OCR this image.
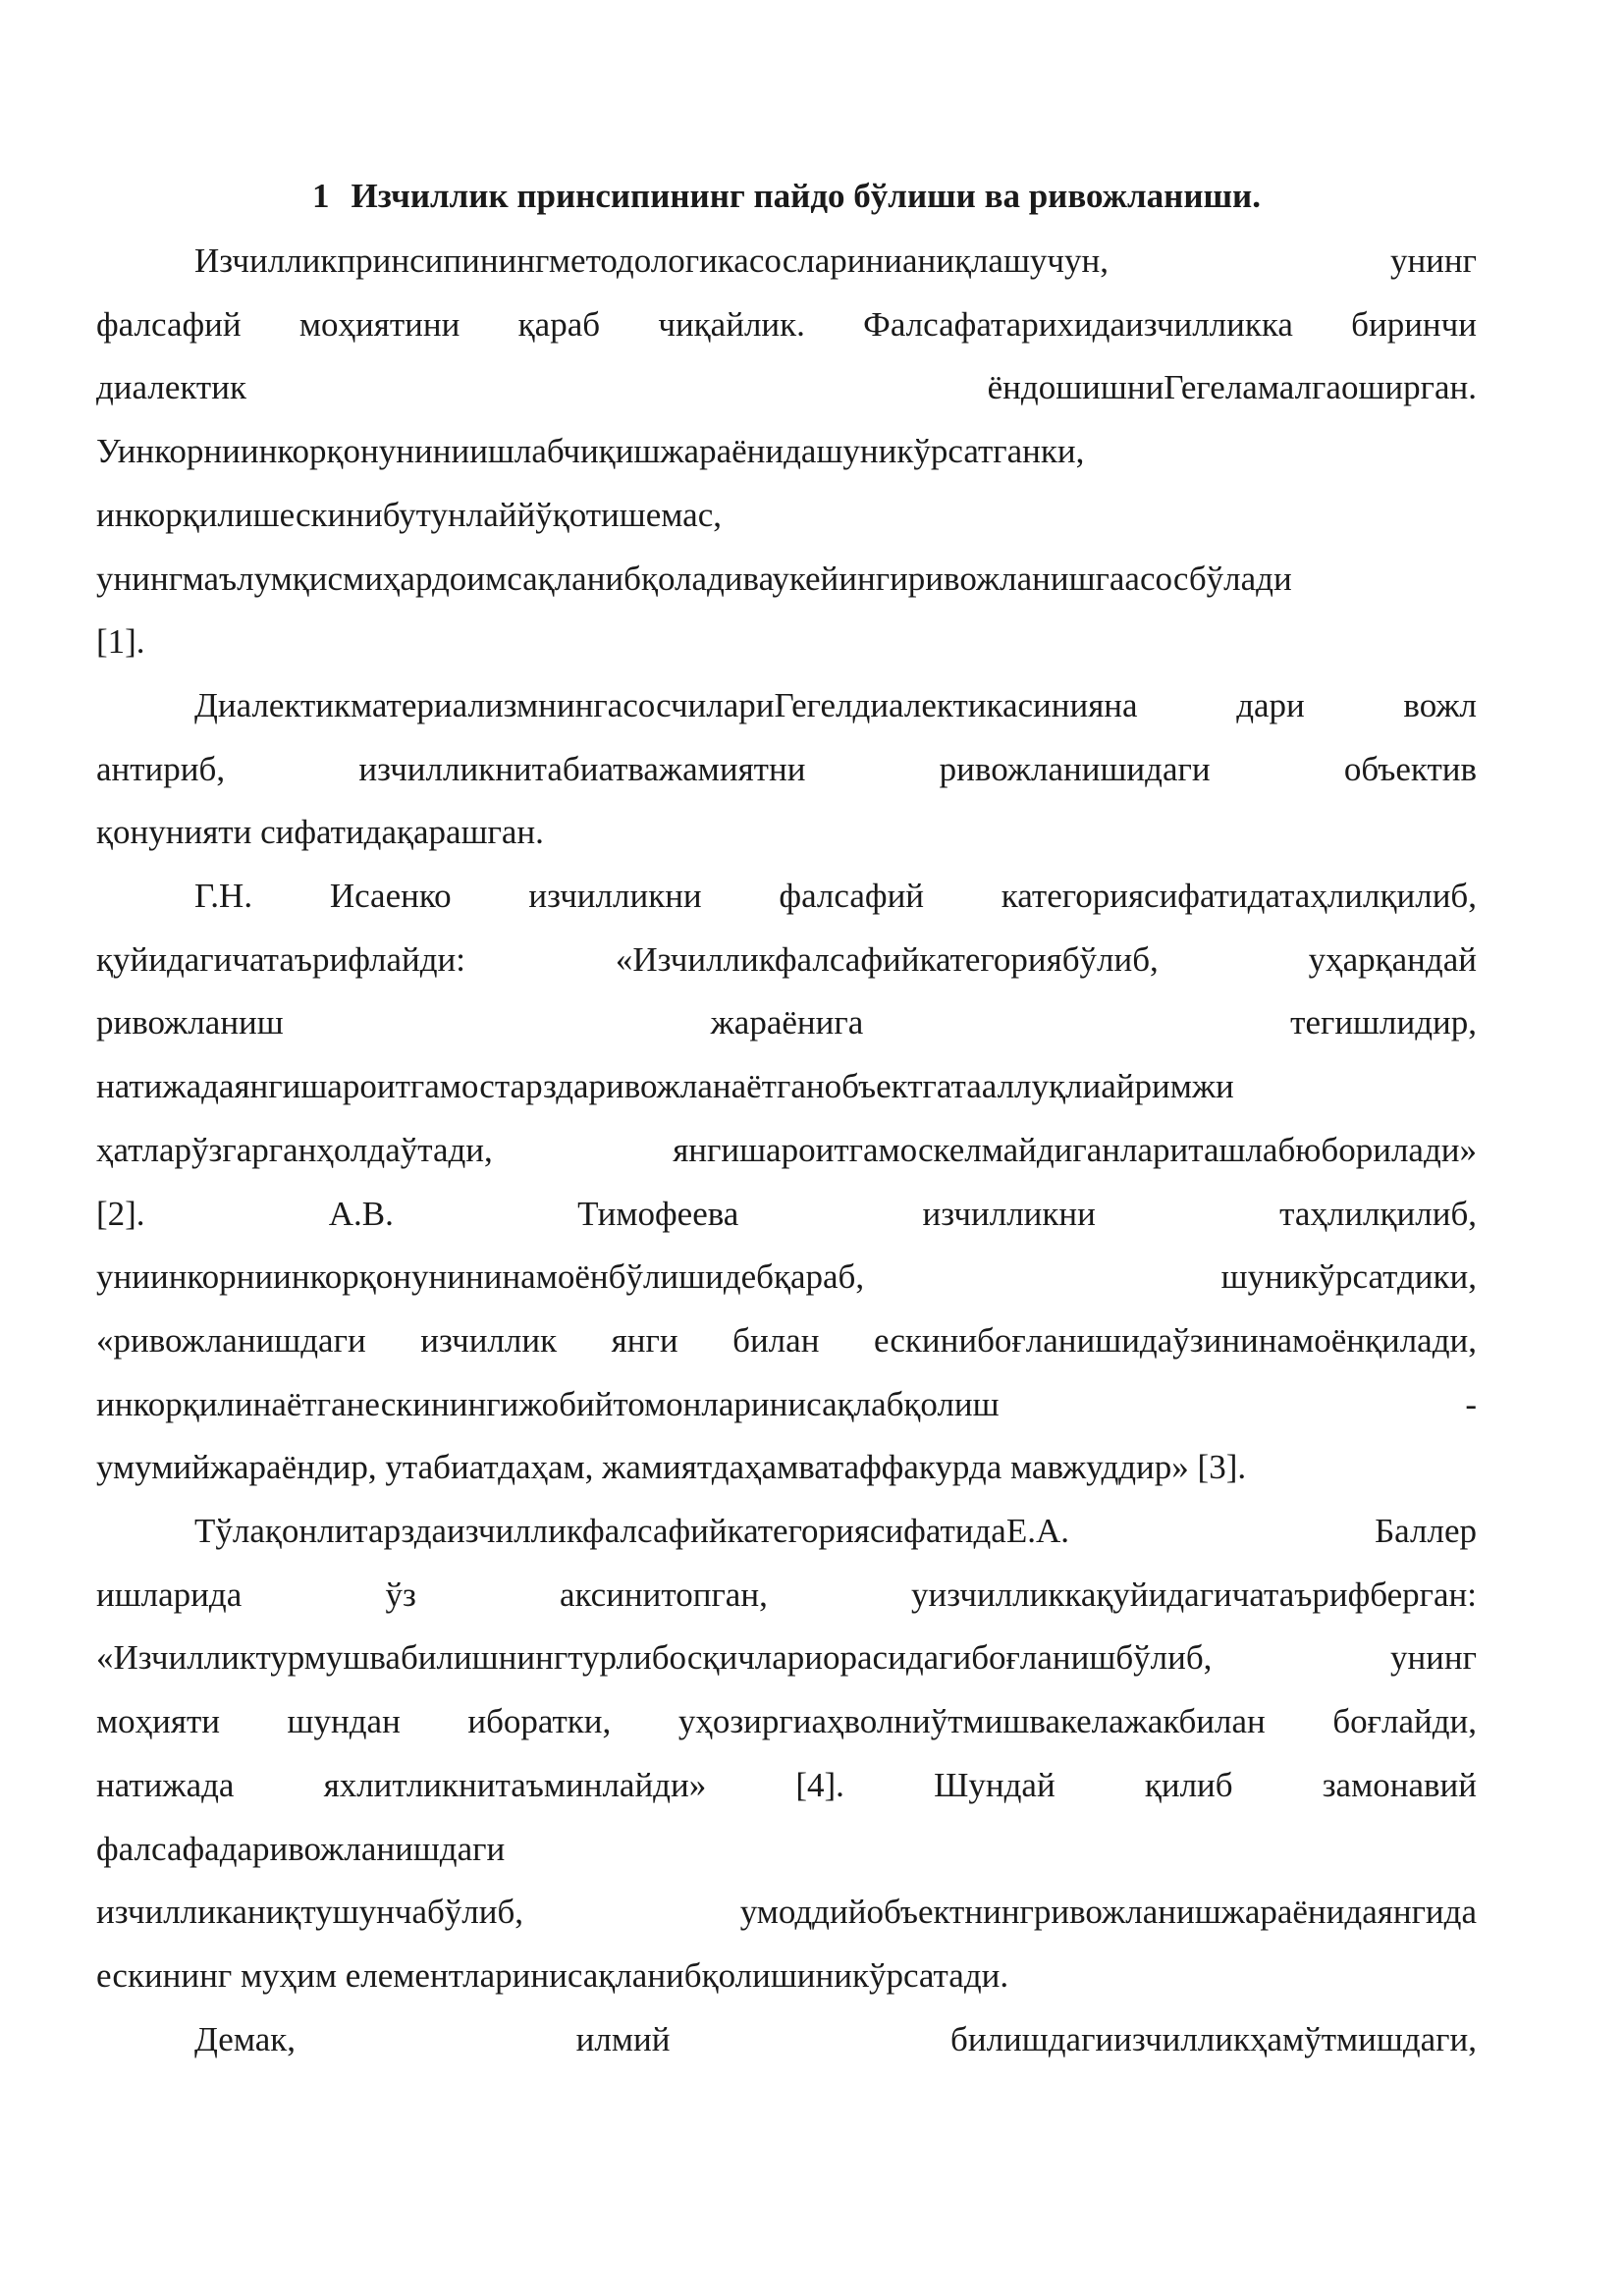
1 Изчиллик принсипининг пайдо бўлиши ва ривожланиши.

Изчилликпринсипинингметодологикасосларинианиқлашучун, унинг
фалсафий моҳиятини қараб чиқайлик. Фалсафатарихидаизчилликка биринчи
диалектик ёндошишниГегеламалгаоширган.
Уинкорниинкорқонуниниишлабчиқишжараёнидашуникўрсатганки,
инкорқилишескинибутунлаййўқотишемас,
унингмаълумқисмиҳардоимсақланибқоладиваукейингиривожланишгаасосбўлади
[1].

ДиалектикматериализмнингасосчилариГегелдиалектикасинияна дари вожл
антириб, изчилликнитабиатважамиятни ривожланишидаги объектив
қонунияти сифатидақарашган.

Г.Н. Исаенко изчилликни фалсафий категориясифатидатаҳлилқилиб,
қуйидагичатаърифлайди: «Изчилликфалсафийкатегориябўлиб, уҳарқандай
ривожланиш жараёнига тегишлидир,
натижадаянгишароитгамостарздаривожланаётганобъектгатааллуқлиайримжи
ҳатларўзгарганҳолдаўтади, янгишароитгамоскелмайдиганлариташлабюборилади»
[2]. А.В. Тимофеева изчилликни таҳлилқилиб,
униинкорниинкорқонунининамоёнбўлишидебқараб, шуникўрсатдики,
«ривожланишдаги изчиллик янги билан ескинибоғланишидаўзининамоёнқилади,
инкорқилинаётганескинингижобийтомонларинисақлабқолиш -
умумийжараёндир, утабиатдаҳам, жамиятдаҳамватаффакурда мавжуддир» [3].

ТўлақонлитарздаизчилликфалсафийкатегориясифатидаЕ.А. Баллер
ишларида ўз аксинитопган, уизчилликкақуйидагичатаърифберган:
«Изчилликтурмушвабилишнингтурлибосқичлариорасидагибоғланишбўлиб, унинг
моҳияти шундан иборатки, уҳозиргиаҳволниўтмишвакелажакбилан боғлайди,
натижада яхлитликнитаъминлайди» [4]. Шундай қилиб замонавий
фалсафадаривожланишдаги
изчилликаниқтушунчабўлиб, умоддийобъектнингривожланишжараёнидаянгида
ескининг муҳим елементларинисақланибқолишиникўрсатади.

Демак, илмий билишдагиизчилликҳамўтмишдаги,
